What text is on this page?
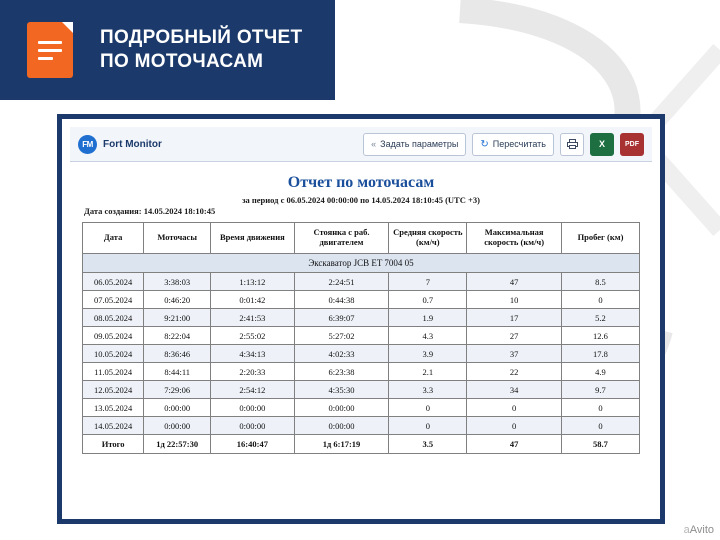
ПОДРОБНЫЙ ОТЧЕТ
ПО МОТОЧАСАМ
FM	Fort Monitor	« Задать параметры ↻ Пересчитать	X	PDF
Отчет по моточасам
за период с 06.05.2024 00:00:00 по 14.05.2024 18:10:45 (UTC +3)
Дата создания: 14.05.2024 18:10:45
Дата	Моточасы	Время движения	Стоянка с раб. двигателем	Средняя скорость (км/ч)	Максимальная скорость (км/ч)	Пробег (км)
Экскаватор JCB ET 7004 05						
06.05.2024	3:38:03	1:13:12	2:24:51	7	47	8.5
07.05.2024	0:46:20	0:01:42	0:44:38	0.7	10	0
08.05.2024	9:21:00	2:41:53	6:39:07	1.9	17	5.2
09.05.2024	8:22:04	2:55:02	5:27:02	4.3	27	12.6
10.05.2024	8:36:46	4:34:13	4:02:33	3.9	37	17.8
11.05.2024	8:44:11	2:20:33	6:23:38	2.1	22	4.9
12.05.2024	7:29:06	2:54:12	4:35:30	3.3	34	9.7
13.05.2024	0:00:00	0:00:00	0:00:00	0	0	0
14.05.2024	0:00:00	0:00:00	0:00:00	0	0	0
Итого	1д 22:57:30	16:40:47	1д 6:17:19	3.5	47	58.7
aAvito
